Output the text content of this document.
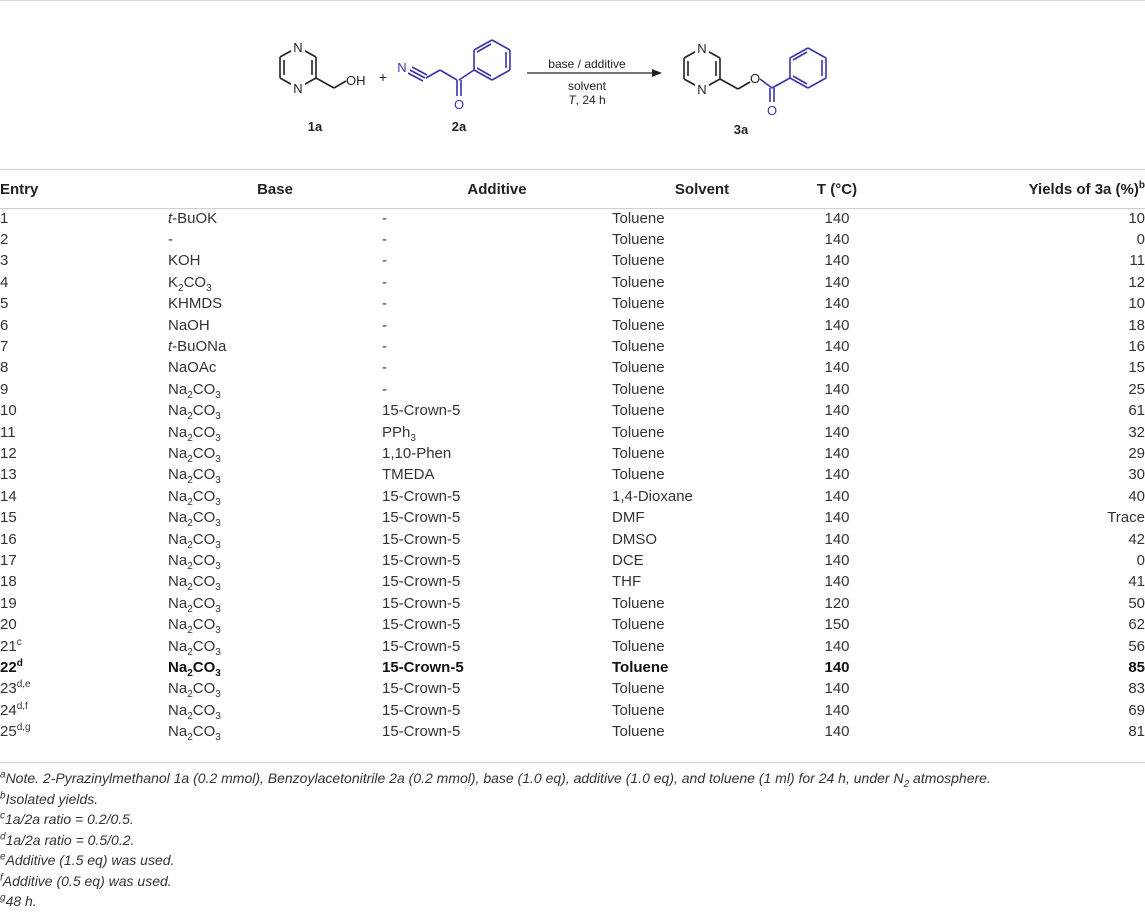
N
N
OH
1a
+
N
O
2a
base / additive
solvent
T, 24 h
N
N
O
O
3a
Entry	Base	Additive	Solvent	T (°C)	Yields of 3a (%)$^b$
1	t-BuOK	-	Toluene	140	10
2	-	-	Toluene	140	0
3	KOH	-	Toluene	140	11
4	$K_2CO_3$	-	Toluene	140	12
5	KHMDS	-	Toluene	140	10
6	NaOH	-	Toluene	140	18
7	t-BuONa	-	Toluene	140	16
8	NaOAc	-	Toluene	140	15
9	$Na_2CO_3$	-	Toluene	140	25
10	$Na_2CO_3$	15-Crown-5	Toluene	140	61
11	$Na_2CO_3$	PPh$_3$	Toluene	140	32
12	$Na_2CO_3$	1,10-Phen	Toluene	140	29
13	$Na_2CO_3$	TMEDA	Toluene	140	30
14	$Na_2CO_3$	15-Crown-5	1,4-Dioxane	140	40
15	$Na_2CO_3$	15-Crown-5	DMF	140	Trace
16	$Na_2CO_3$	15-Crown-5	DMSO	140	42
17	$Na_2CO_3$	15-Crown-5	DCE	140	0
18	$Na_2CO_3$	15-Crown-5	THF	140	41
19	$Na_2CO_3$	15-Crown-5	Toluene	120	50
20	$Na_2CO_3$	15-Crown-5	Toluene	150	62
21$^c$	$Na_2CO_3$	15-Crown-5	Toluene	140	56
22$^d$	$Na_2CO_3$	15-Crown-5	Toluene	140	85
23$^{d,e}$	$Na_2CO_3$	15-Crown-5	Toluene	140	83
24$^{d,f}$	$Na_2CO_3$	15-Crown-5	Toluene	140	69
25$^{d,g}$	$Na_2CO_3$	15-Crown-5	Toluene	140	81
$^a$Note. 2-Pyrazinylmethanol 1a (0.2 mmol), Benzoylacetonitrile 2a (0.2 mmol), base (1.0 eq), additive (1.0 eq), and toluene (1 ml) for 24 h, under $N_2$ atmosphere.
$^b$Isolated yields.
$^c$1a/2a ratio = 0.2/0.5.
$^d$1a/2a ratio = 0.5/0.2.
$^e$Additive (1.5 eq) was used.
$^f$Additive (0.5 eq) was used.
$^g$48 h.
